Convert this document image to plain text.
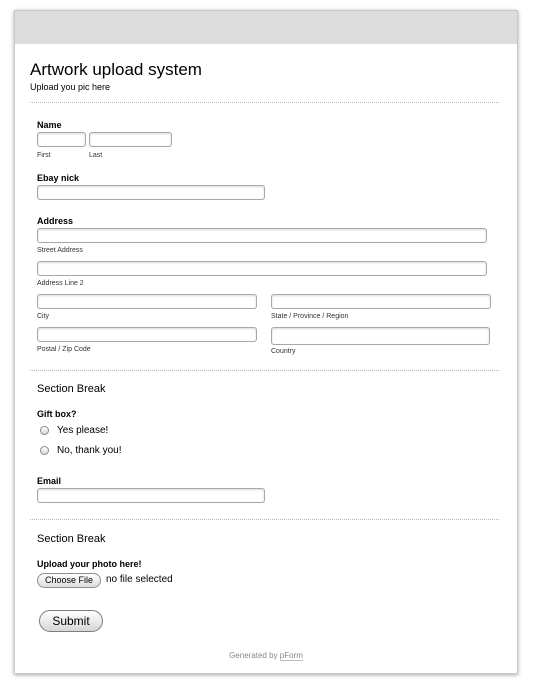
Artwork upload system
Upload you pic here
Name
First	Last
Ebay nick
Address
Street Address
Address Line 2
City	State / Province / Region
Postal / Zip Code	Country
Section Break
Gift box?
Yes please!
No, thank you!
Email
Section Break
Upload your photo here!
Choose File	no file selected
Submit
Generated by pForm
